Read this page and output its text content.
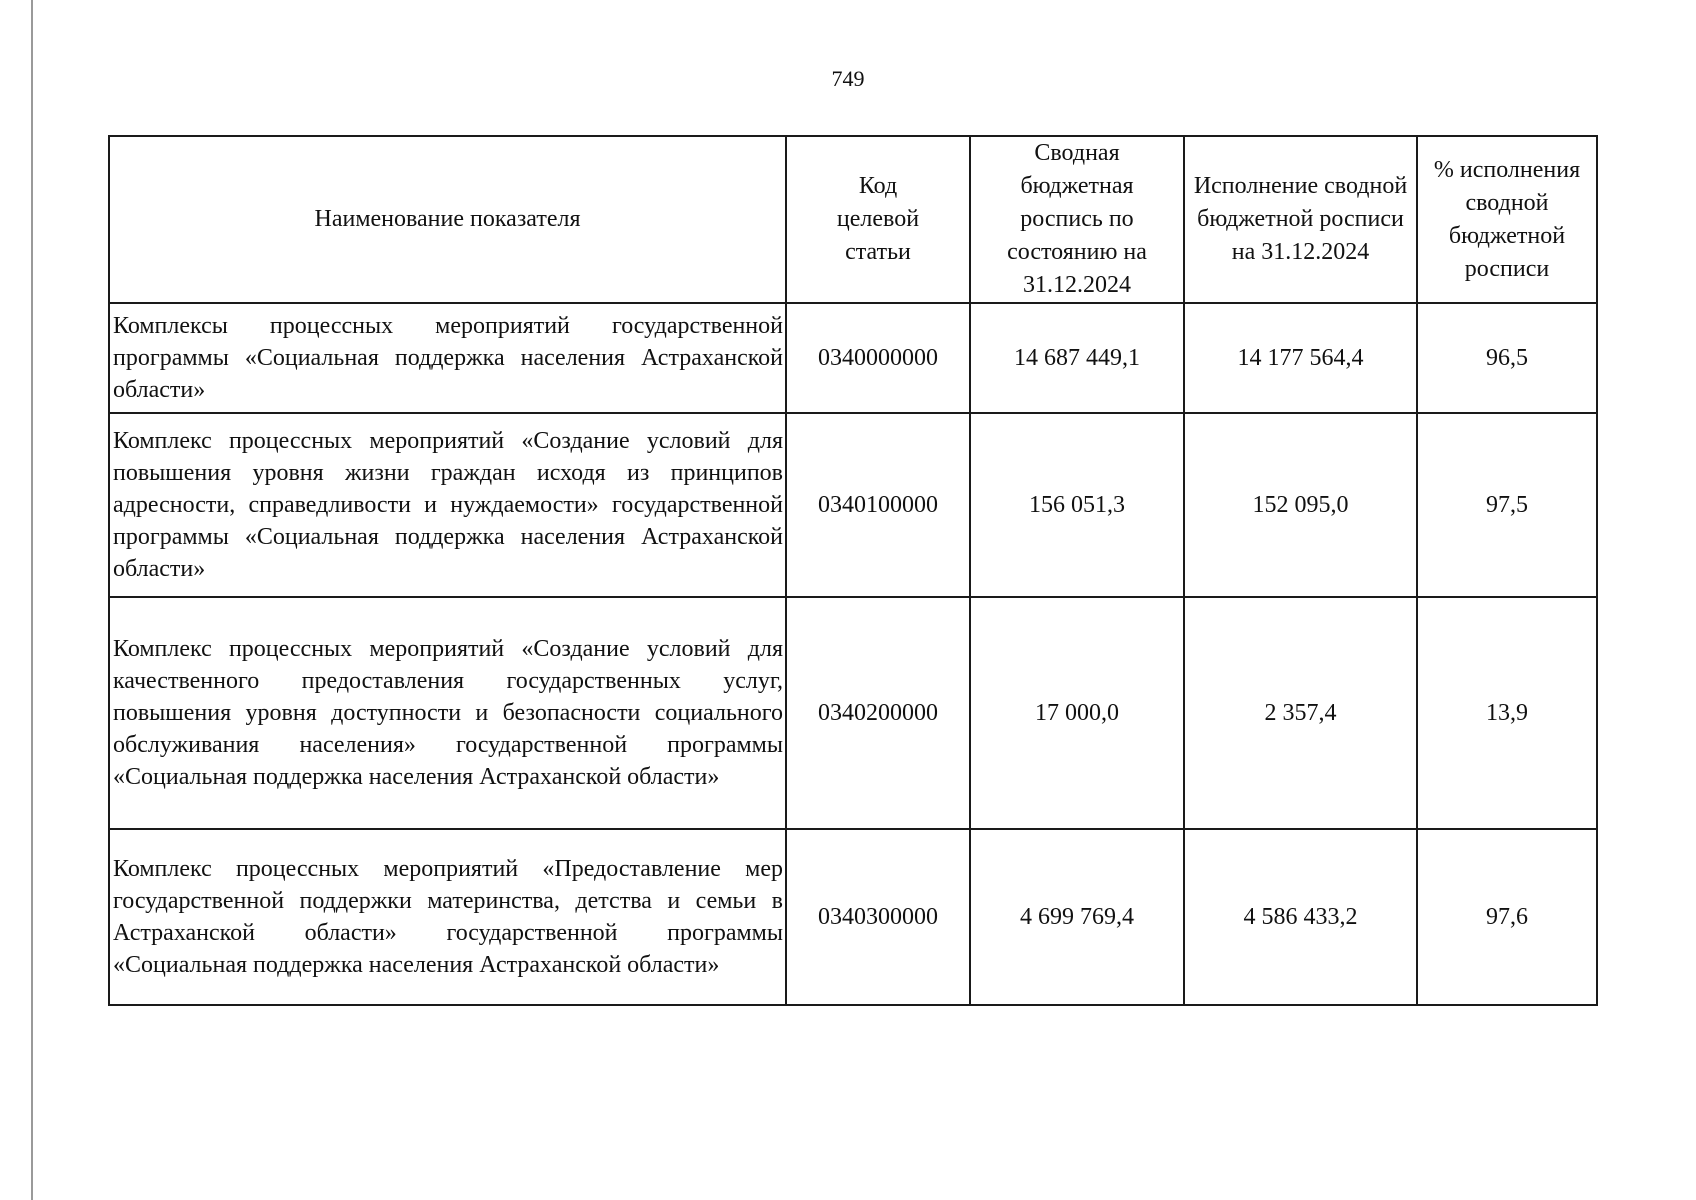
749
Наименование показателя	Код целевой статьи	Сводная бюджетная роспись по состоянию на 31.12.2024	Исполнение сводной бюджетной росписи на 31.12.2024	% исполнения сводной бюджетной росписи
Комплексы процессных мероприятий государственной программы «Социальная поддержка населения Астраханской области»	0340000000	14 687 449,1	14 177 564,4	96,5
Комплекс процессных мероприятий «Создание условий для повышения уровня жизни граждан исходя из принципов адресности, справедливости и нуждаемости» государственной программы «Социальная поддержка населения Астраханской области»	0340100000	156 051,3	152 095,0	97,5
Комплекс процессных мероприятий «Создание условий для качественного предоставления государственных услуг, повышения уровня доступности и безопасности социального обслуживания населения» государственной программы «Социальная поддержка населения Астраханской области»	0340200000	17 000,0	2 357,4	13,9
Комплекс процессных мероприятий «Предоставление мер государственной поддержки материнства, детства и семьи в Астраханской области» государственной программы «Социальная поддержка населения Астраханской области»	0340300000	4 699 769,4	4 586 433,2	97,6
